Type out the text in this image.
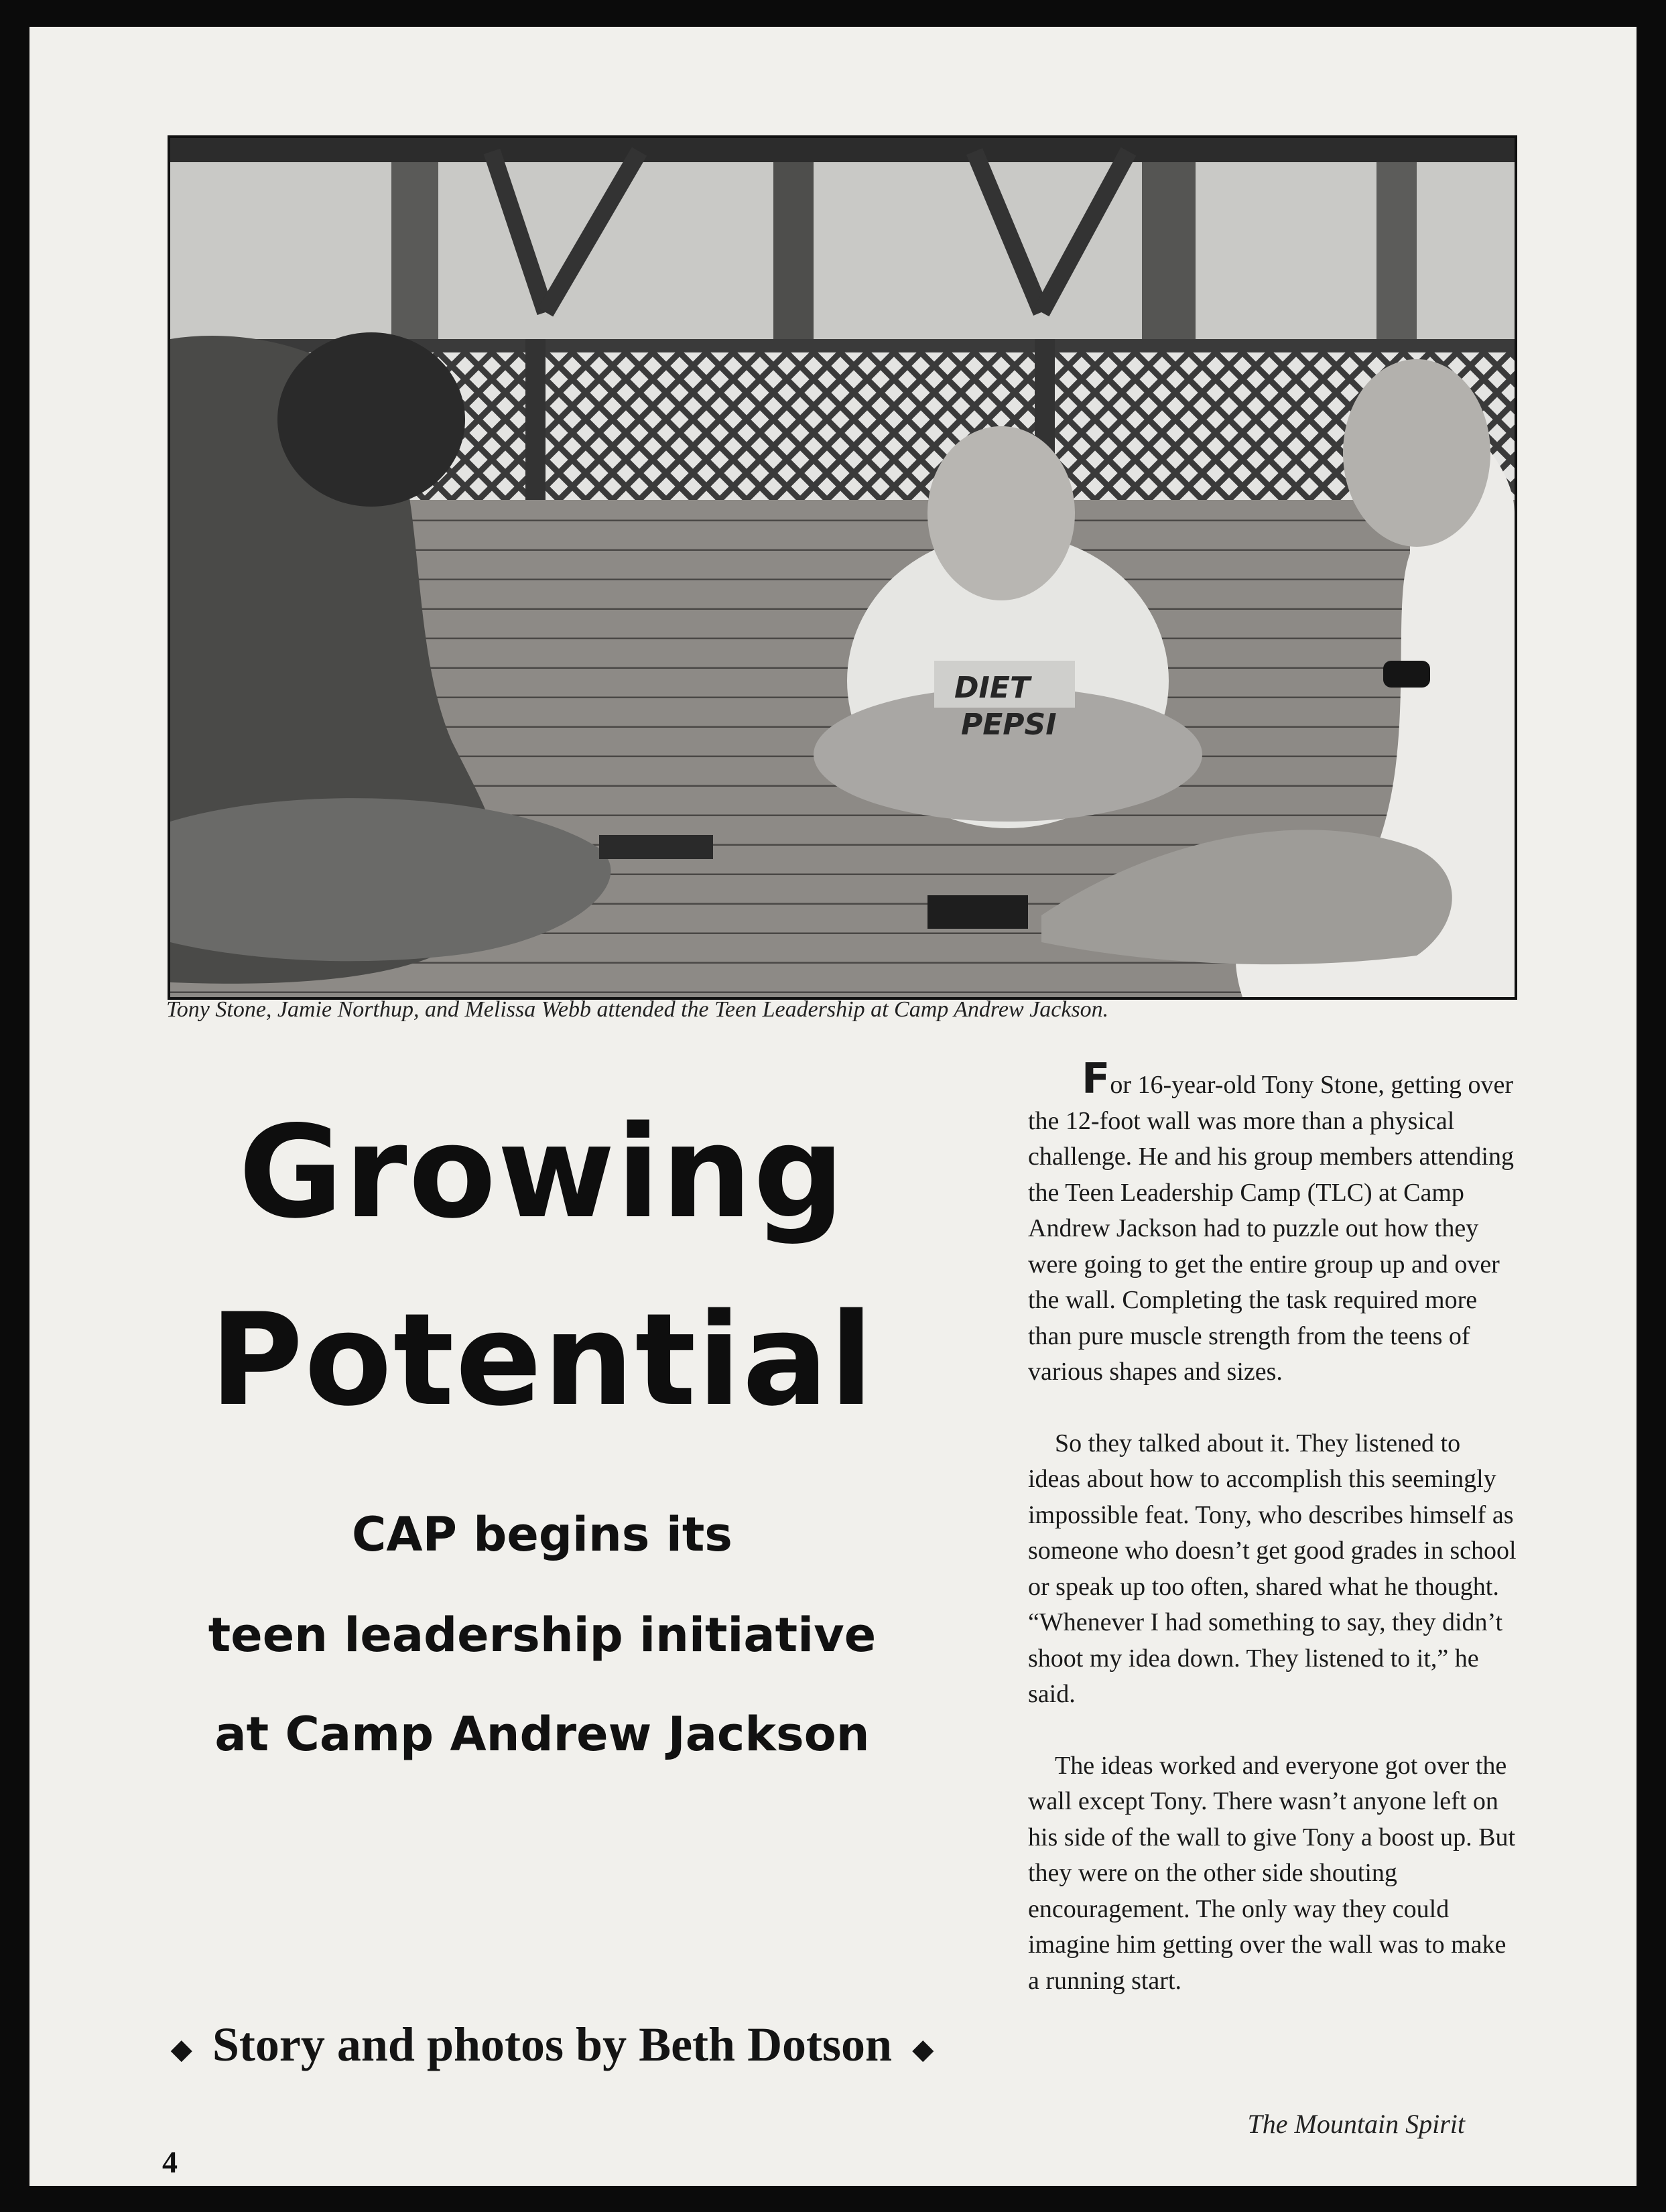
DIET
PEPSI
Tony Stone, Jamie Northup, and Melissa Webb attended the Teen Leadership at Camp Andrew Jackson.
Growing
Potential
CAP begins its
teen leadership initiative
at Camp Andrew Jackson
◆ Story and photos by Beth Dotson ◆

For 16-year-old Tony Stone, getting over the 12-foot wall was more than a physical challenge. He and his group members attending the Teen Leadership Camp (TLC) at Camp Andrew Jackson had to puzzle out how they were going to get the entire group up and over the wall. Completing the task required more than pure muscle strength from the teens of various shapes and sizes.

So they talked about it. They listened to ideas about how to accomplish this seemingly impossible feat. Tony, who describes himself as someone who doesn’t get good grades in school or speak up too often, shared what he thought. “Whenever I had something to say, they didn’t shoot my idea down. They listened to it,” he said.

The ideas worked and everyone got over the wall except Tony. There wasn’t anyone left on his side of the wall to give Tony a boost up. But they were on the other side shouting encouragement. The only way they could imagine him getting over the wall was to make a running start.

The Mountain Spirit
4
